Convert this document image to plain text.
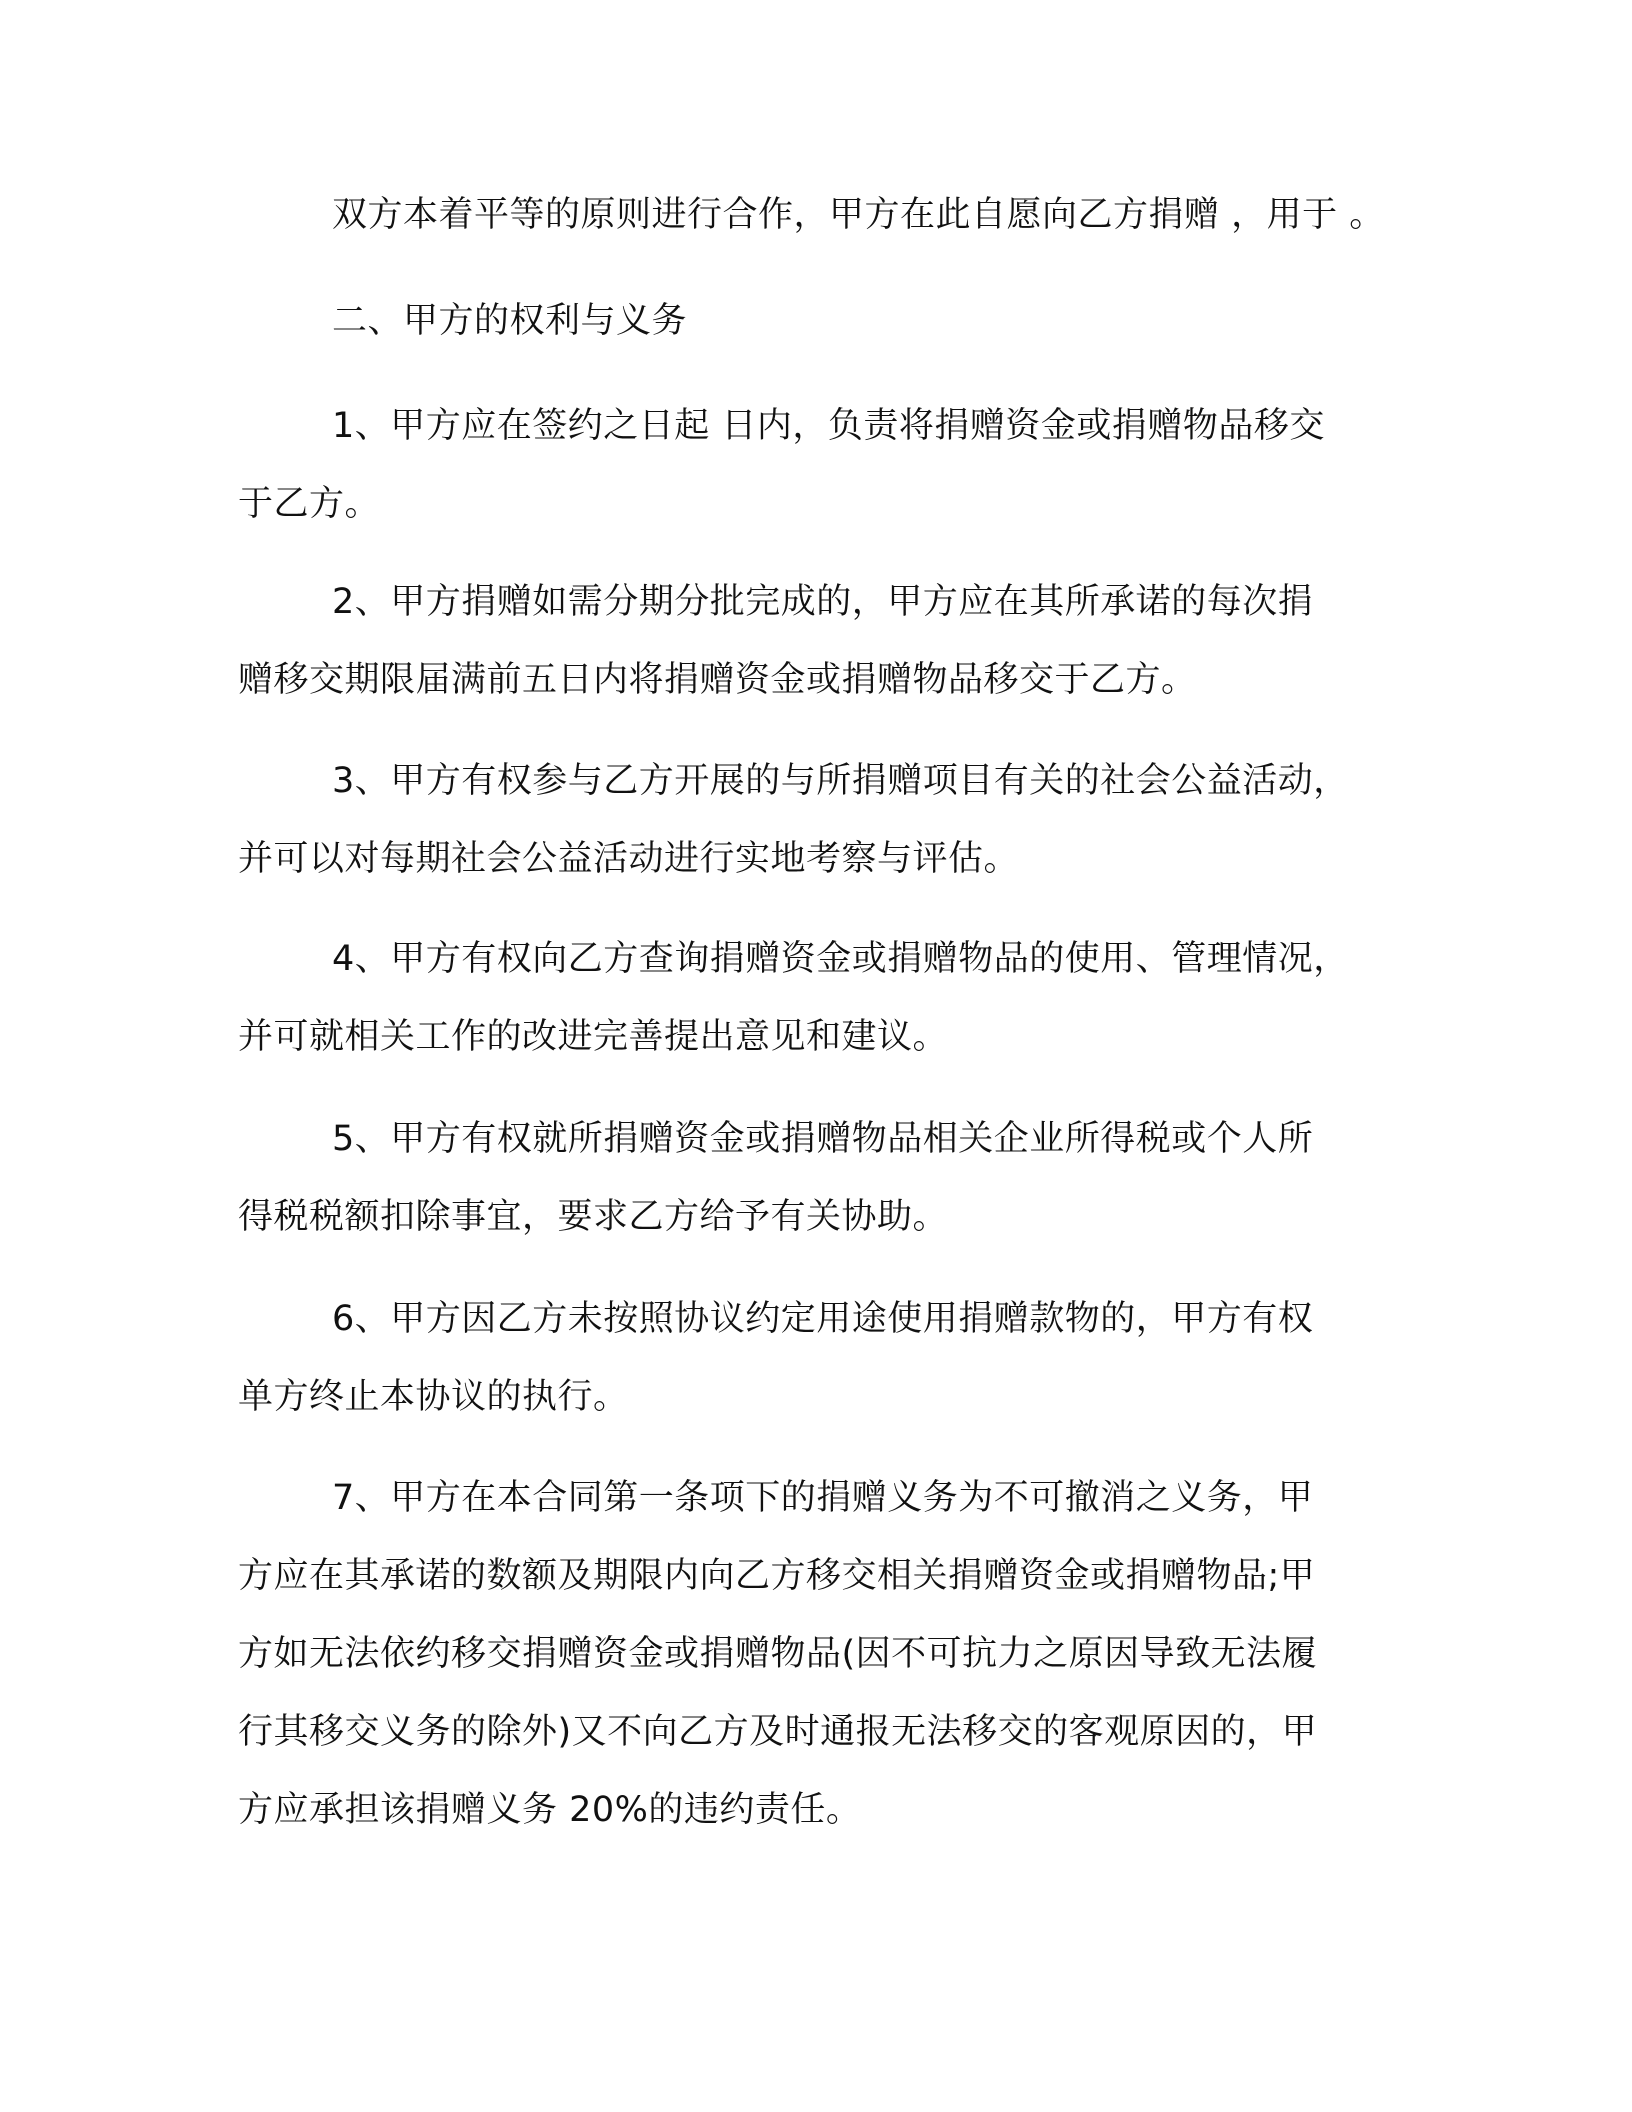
双方本着平等的原则进行合作，甲方在此自愿向乙方捐赠 ，用于 。

二、甲方的权利与义务

1、甲方应在签约之日起 日内，负责将捐赠资金或捐赠物品移交
于乙方。

2、甲方捐赠如需分期分批完成的，甲方应在其所承诺的每次捐
赠移交期限届满前五日内将捐赠资金或捐赠物品移交于乙方。

3、甲方有权参与乙方开展的与所捐赠项目有关的社会公益活动，
并可以对每期社会公益活动进行实地考察与评估。

4、甲方有权向乙方查询捐赠资金或捐赠物品的使用、管理情况，
并可就相关工作的改进完善提出意见和建议。

5、甲方有权就所捐赠资金或捐赠物品相关企业所得税或个人所
得税税额扣除事宜，要求乙方给予有关协助。

6、甲方因乙方未按照协议约定用途使用捐赠款物的，甲方有权
单方终止本协议的执行。

7、甲方在本合同第一条项下的捐赠义务为不可撤消之义务，甲
方应在其承诺的数额及期限内向乙方移交相关捐赠资金或捐赠物品;甲
方如无法依约移交捐赠资金或捐赠物品(因不可抗力之原因导致无法履
行其移交义务的除外)又不向乙方及时通报无法移交的客观原因的，甲
方应承担该捐赠义务 20%的违约责任。
